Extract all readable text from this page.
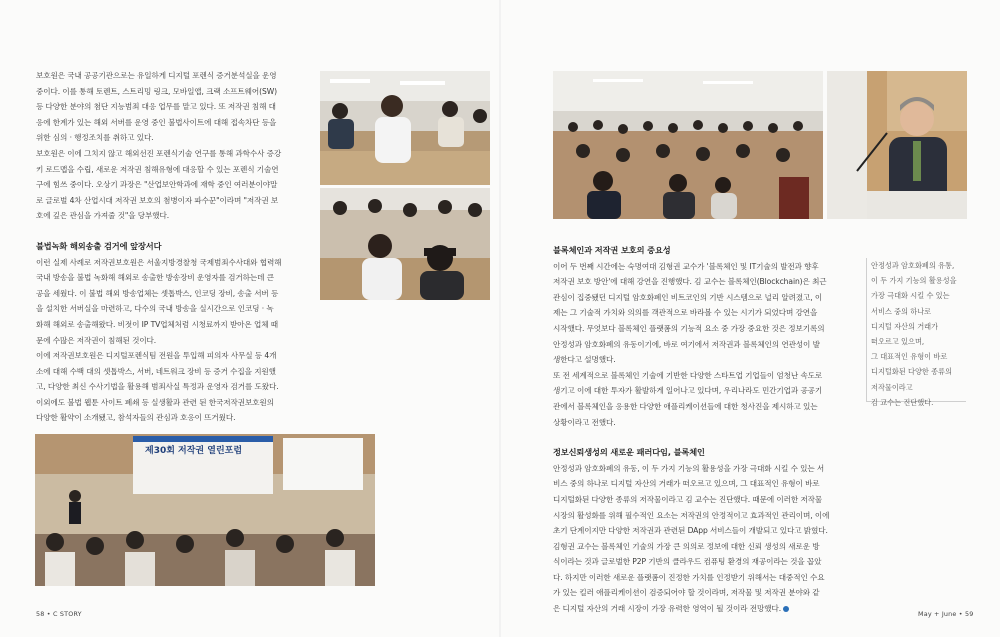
보호원은 국내 공공기관으로는 유일하게 디지털 포렌식 증거분석실을 운영

중이다. 이를 통해 토렌트, 스트리밍 링크, 모바일앱, 크랙 소프트웨어(SW)

등 다양한 분야의 첨단 지능범죄 대응 업무를 맡고 있다. 또 저작권 침해 대

응에 한계가 있는 해외 서버를 운영 중인 불법사이트에 대해 접속차단 등을

위한 심의 · 행정조치를 취하고 있다.

보호원은 이에 그치지 않고 해외선진 포렌식기술 연구를 통해 과학수사 증강

키 로드맵을 수립, 새로운 저작권 침해유형에 대응할 수 있는 포렌식 기술연

구에 힘쓰 중이다. 오상기 과장은 "산업보안학과에 재학 중인 여러분이야말

로 글로벌 4차 산업시대 저작권 보호의 첨병이자 파수꾼"이라며 "저작권 보

호에 깊은 관심을 가져줄 것"을 당부했다.

불법녹화 해외송출 검거에 앞장서다

이런 실제 사례로 저작권보호원은 서울지방경찰청 국제범죄수사대와 협력해

국내 방송을 불법 녹화해 해외로 송출한 방송장비 운영자를 검거하는데 큰

공을 세웠다. 이 불법 해외 방송업체는 셋톱박스, 인코딩 장비, 송출 서버 등

을 설치한 서버실을 마련하고, 다수의 국내 방송을 실시간으로 인코딩 · 녹

화해 해외로 송출해왔다. 비젓이 IP TV업체처럼 시청료까지 받아온 업체 때

문에 수많은 저작권이 침해된 것이다.

이에 저작권보호원은 디지털포렌식팀 전원을 투입해 피의자 사무실 등 4개

소에 대해 수백 대의 셋톱박스, 서버, 네트워크 장비 등 증거 수집을 지원했

고, 다양한 최신 수사기법을 활용해 범죄사실 특정과 운영자 검거를 도왔다.

이외에도 불법 웹툰 사이트 폐쇄 등 실생활과 관련 된 한국저작권보호원의

다양한 활약이 소개됐고, 참석자들의 관심과 호응이 뜨거웠다.

제30회 저작권 열린포럼
58 • C STORY
블록체인과 저작권 보호의 중요성

이어 두 번째 시간에는 숙명여대 김형권 교수가 '블록체인 및 IT기술의 발전과 향후

저작권 보호 방안'에 대해 강연을 진행했다. 김 교수는 블록체인(Blockchain)은 최근

관심이 집중됐던 디지털 암호화폐인 비트코인의 기반 시스템으로 널리 알려졌고, 이

제는 그 기술적 가치와 의의를 객관적으로 바라볼 수 있는 시기가 되었다며 강연을

시작했다. 무엇보다 블록체인 플랫폼의 기능적 요소 중 가장 중요한 것은 정보기록의

안정성과 암호화폐의 유동이기에, 바로 여기에서 저작권과 블록체인의 연관성이 발

생한다고 설명했다.

또 전 세계적으로 블록체인 기술에 기반한 다양한 스타트업 기업들이 엄청난 속도로

생기고 이에 대한 투자가 활발하게 일어나고 있다며, 우리나라도 민간기업과 공공기

관에서 블록체인을 응용한 다양한 애플리케이션들에 대한 청사진을 제시하고 있는

상황이라고 전했다.

정보신뢰생성의 새로운 패러다임, 블록체인

안정성과 암호화폐의 유동, 이 두 가지 기능의 활용성을 가장 극대화 시킬 수 있는 서

비스 중의 하나로 디지털 자산의 거래가 떠오르고 있으며, 그 대표적인 유형이 바로

디지털화된 다양한 종류의 저작물이라고 김 교수는 진단했다. 때문에 이러한 저작물

시장의 활성화를 위해 필수적인 요소는 저작권의 안정적이고 효과적인 관리이며, 이에

초기 단계이지만 다양한 저작권과 관련된 DApp 서비스들이 개발되고 있다고 밝혔다.

김형권 교수는 블록체인 기술의 가장 큰 의의로 정보에 대한 신뢰 생성의 새로운 방

식이라는 것과 글로벌한 P2P 기반의 클라우드 컴퓨팅 환경의 재공이라는 것을 꼽았

다. 하지만 이러한 새로운 플랫폼이 진정한 가치를 인정받기 위해서는 대중적인 수요

가 있는 킬러 애플리케이션이 검증되어야 할 것이라며, 저작물 및 저작권 분야와 같

은 디지털 자산의 거래 시장이 가장 유력한 영역이 될 것이라 전망했다.

안정성과 암호화폐의 유통,

이 두 가지 기능의 활용성을

가장 극대화 시킬 수 있는

서비스 중의 하나로

디지털 자산의 거래가

떠오르고 있으며,

그 대표적인 유형이 바로

디지털화된 다양한 종류의

저작물이라고

김 교수는 진단했다.

May + June • 59
